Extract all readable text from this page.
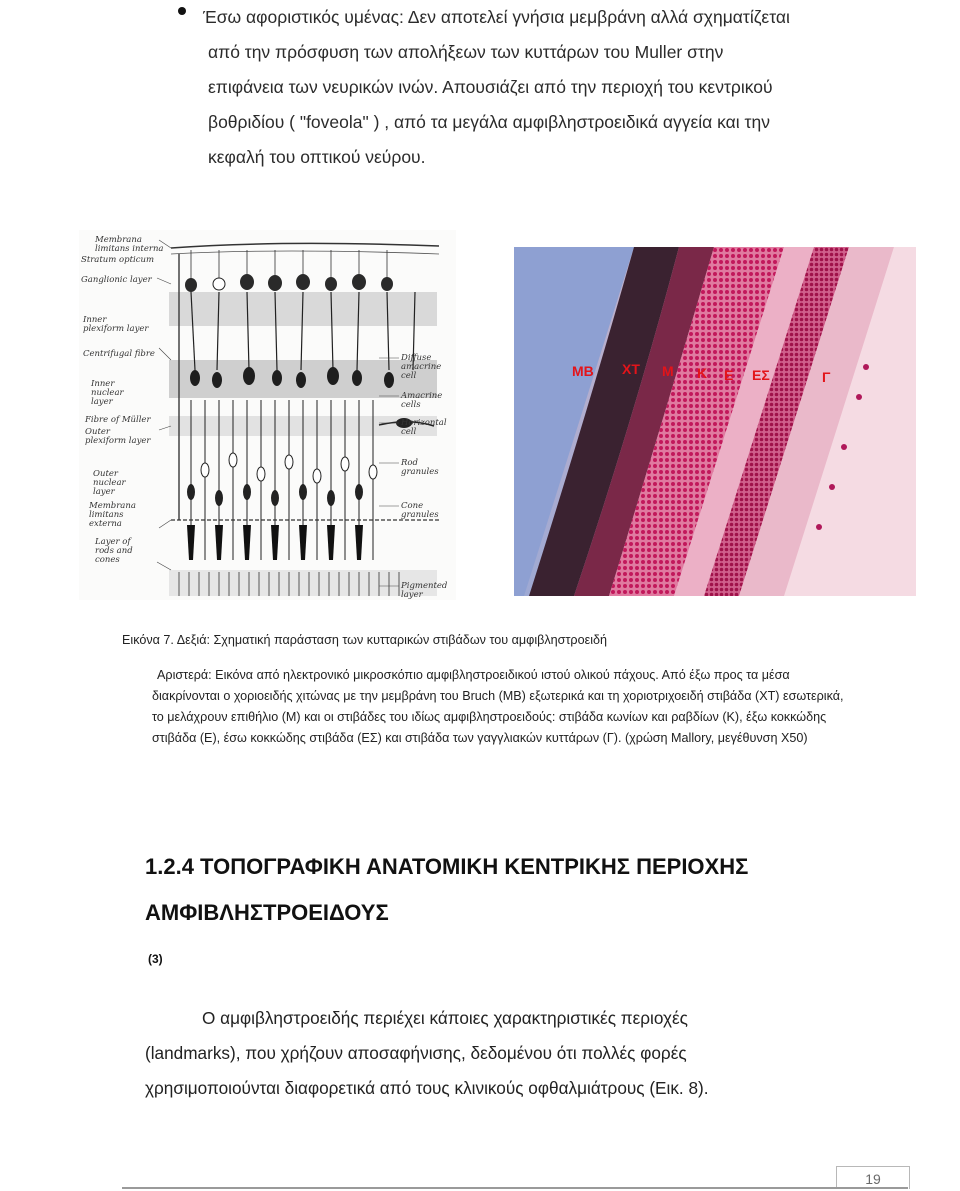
Έσω αφοριστικός υμένας: Δεν αποτελεί γνήσια μεμβράνη αλλά σχηματίζεται
από την πρόσφυση των απολήξεων των κυττάρων του Muller στην
επιφάνεια των νευρικών ινών. Απουσιάζει από την περιοχή του κεντρικού
βοθριδίου ( "foveola" ) , από τα μεγάλα αμφιβληστροειδικά αγγεία και την
κεφαλή του οπτικού νεύρου.
Membrana limitans interna
Stratum opticum
Ganglionic layer
Inner plexiform layer
Centrifugal fibre
Inner nuclear layer
Fibre of Müller
Outer plexiform layer
Outer nuclear layer
Membrana limitans externa
Layer of rods and cones
Diffuse amacrine cell
Amacrine cells
Horizontal cell
Rod granules
Cone granules
Pigmented layer
MB XT M K E ΕΣ	Γ
Εικόνα 7. Δεξιά: Σχηματική παράσταση των κυτταρικών στιβάδων του αμφιβληστροειδή
Αριστερά: Εικόνα από ηλεκτρονικό μικροσκόπιο αμφιβληστροειδικού ιστού ολικού πάχους. Από έξω προς τα μέσα
διακρίνονται ο χοριοειδής χιτώνας με την μεμβράνη του Bruch (MB) εξωτερικά και τη χοριοτριχοειδή στιβάδα (ΧΤ) εσωτερικά,
το μελάχρουν επιθήλιο (Μ) και οι στιβάδες του ιδίως αμφιβληστροειδούς: στιβάδα κωνίων και ραβδίων (Κ), έξω κοκκώδης
στιβάδα (Ε), έσω κοκκώδης στιβάδα (ΕΣ) και στιβάδα των γαγγλιακών κυττάρων (Γ). (χρώση Mallory, μεγέθυνση Χ50)
1.2.4 ΤΟΠΟΓΡΑΦΙΚΗ ΑΝΑΤΟΜΙΚΗ ΚΕΝΤΡΙΚΗΣ ΠΕΡΙΟΧΗΣ
ΑΜΦΙΒΛΗΣΤΡΟΕΙΔΟΥΣ
$^{(3)}$
Ο αμφιβληστροειδής περιέχει κάποιες χαρακτηριστικές περιοχές
(landmarks), που χρήζουν αποσαφήνισης, δεδομένου ότι πολλές φορές
χρησιμοποιούνται διαφορετικά από τους κλινικούς οφθαλμιάτρους (Εικ. 8).
19
